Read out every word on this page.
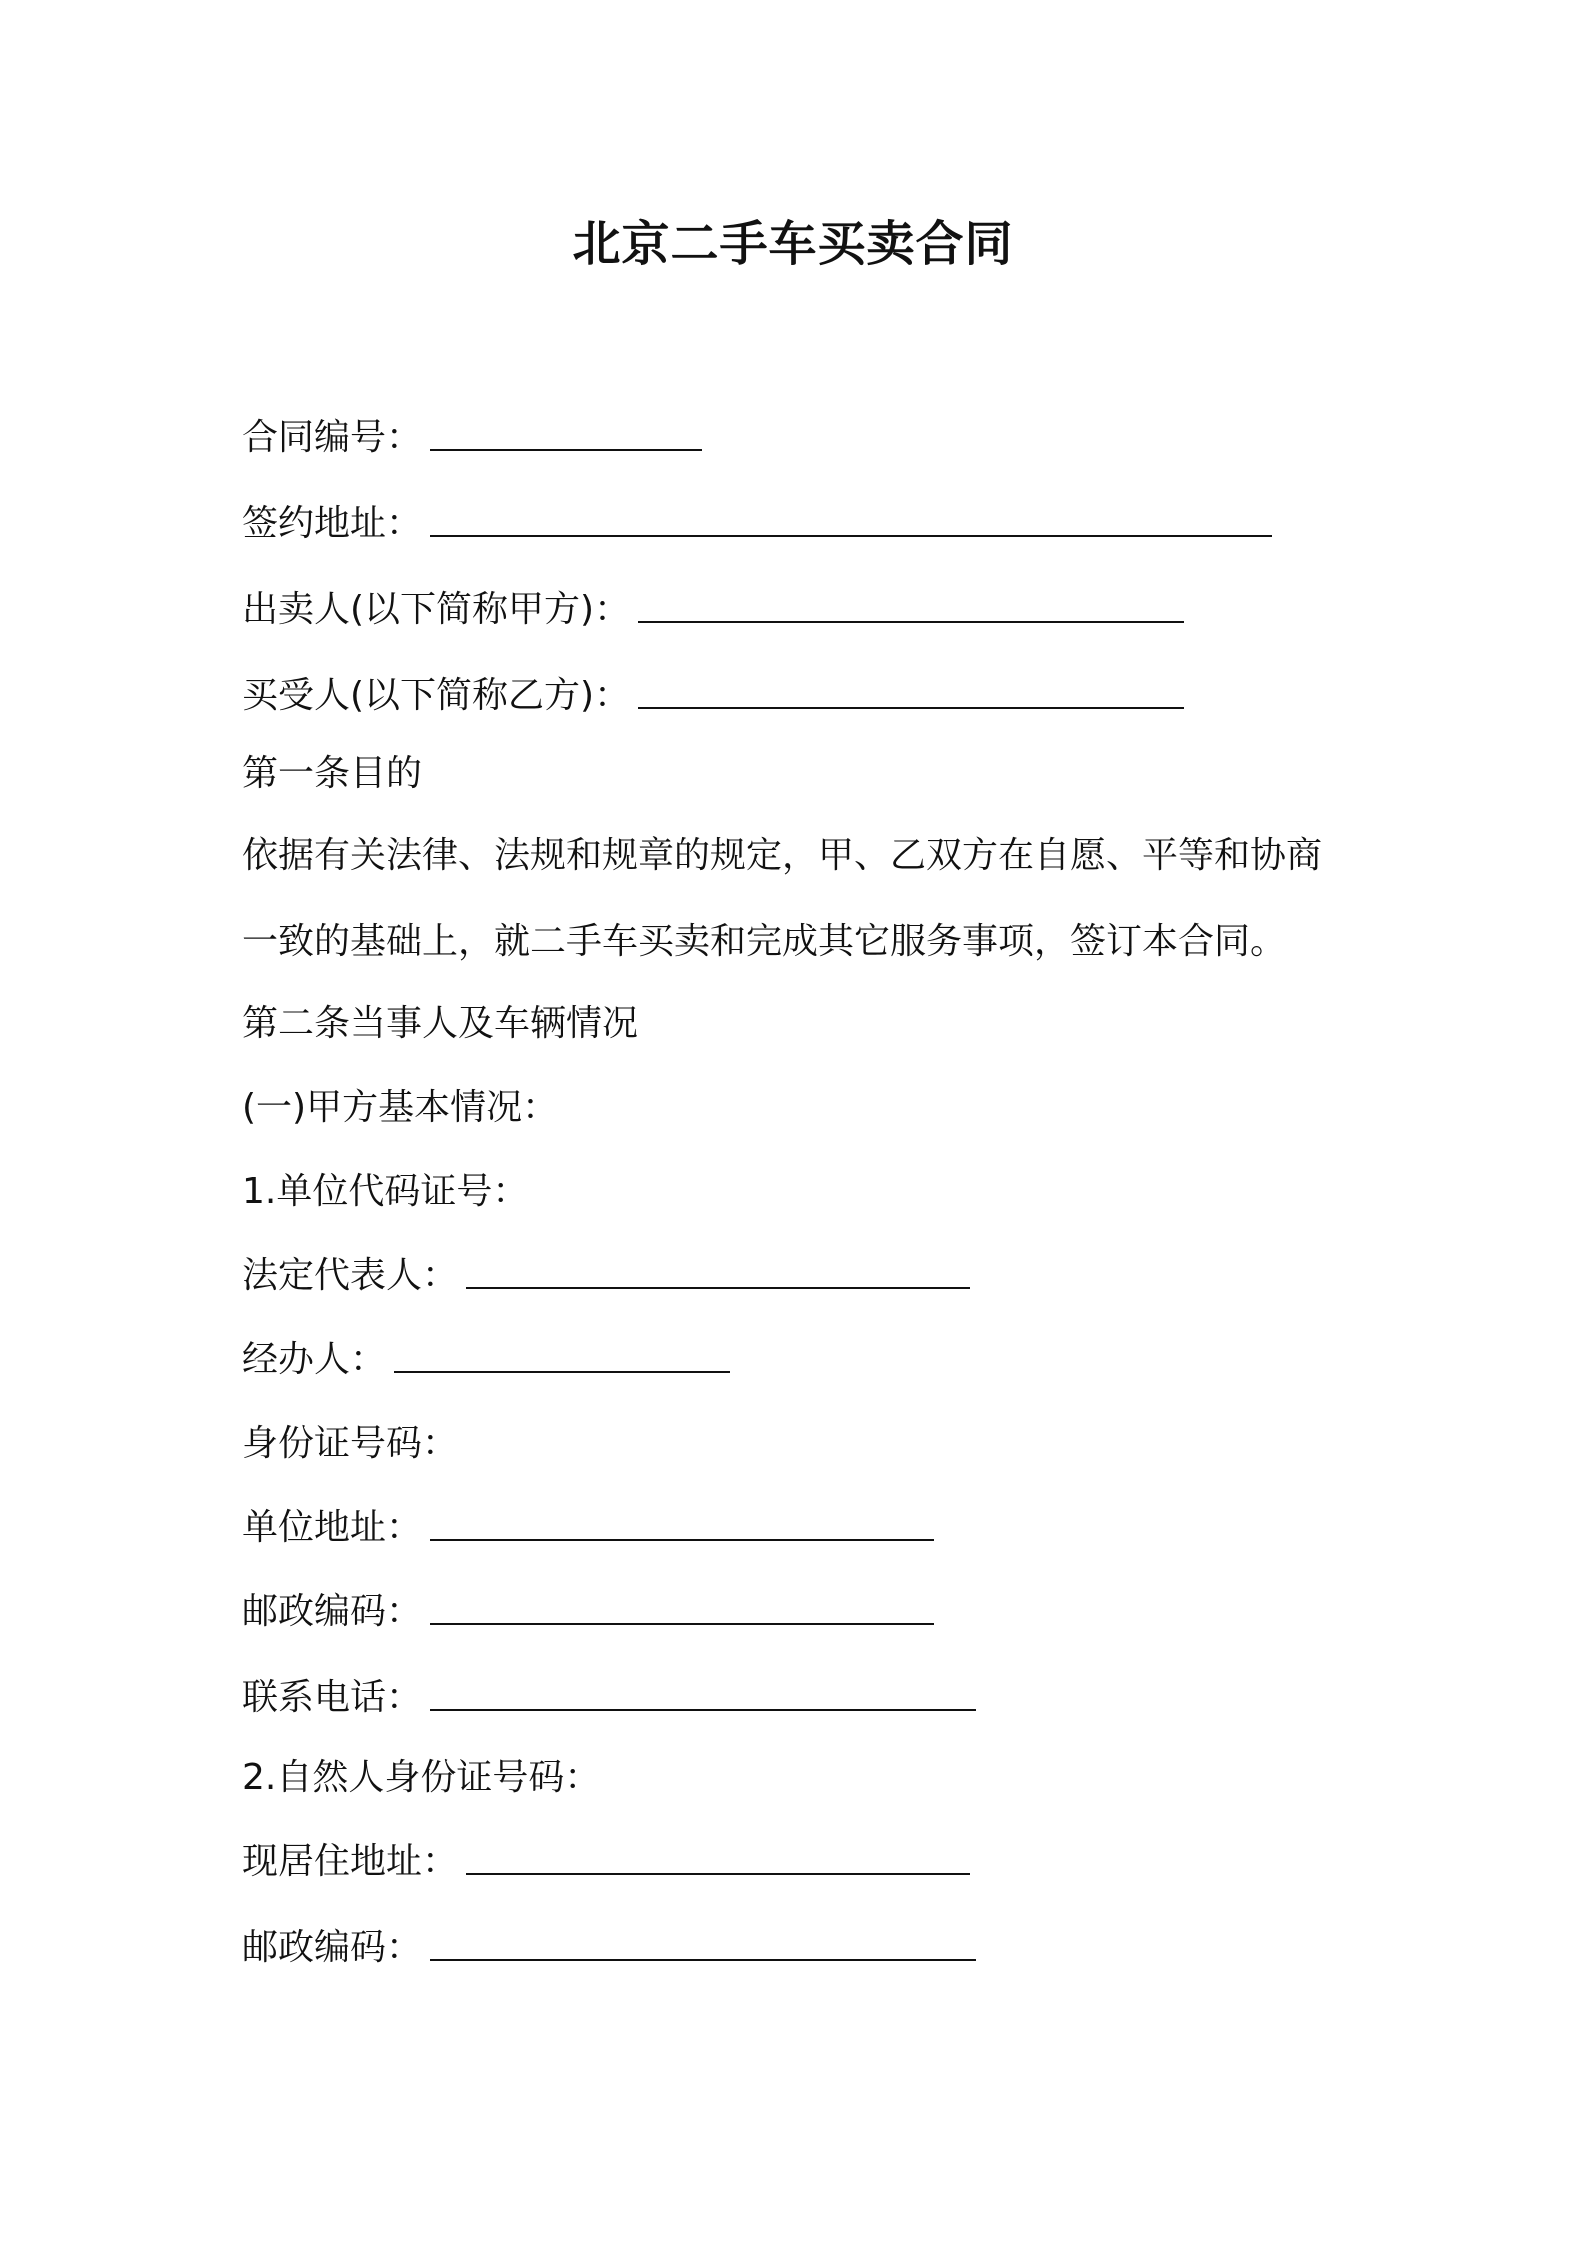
北京二手车买卖合同
合同编号：
签约地址：
出卖人(以下简称甲方)：
买受人(以下简称乙方)：
第一条目的
依据有关法律、法规和规章的规定，甲、乙双方在自愿、平等和协商
一致的基础上，就二手车买卖和完成其它服务事项，签订本合同。
第二条当事人及车辆情况
(一)甲方基本情况：
1.单位代码证号：
法定代表人：
经办人：
身份证号码：
单位地址：
邮政编码：
联系电话：
2.自然人身份证号码：
现居住地址：
邮政编码：
